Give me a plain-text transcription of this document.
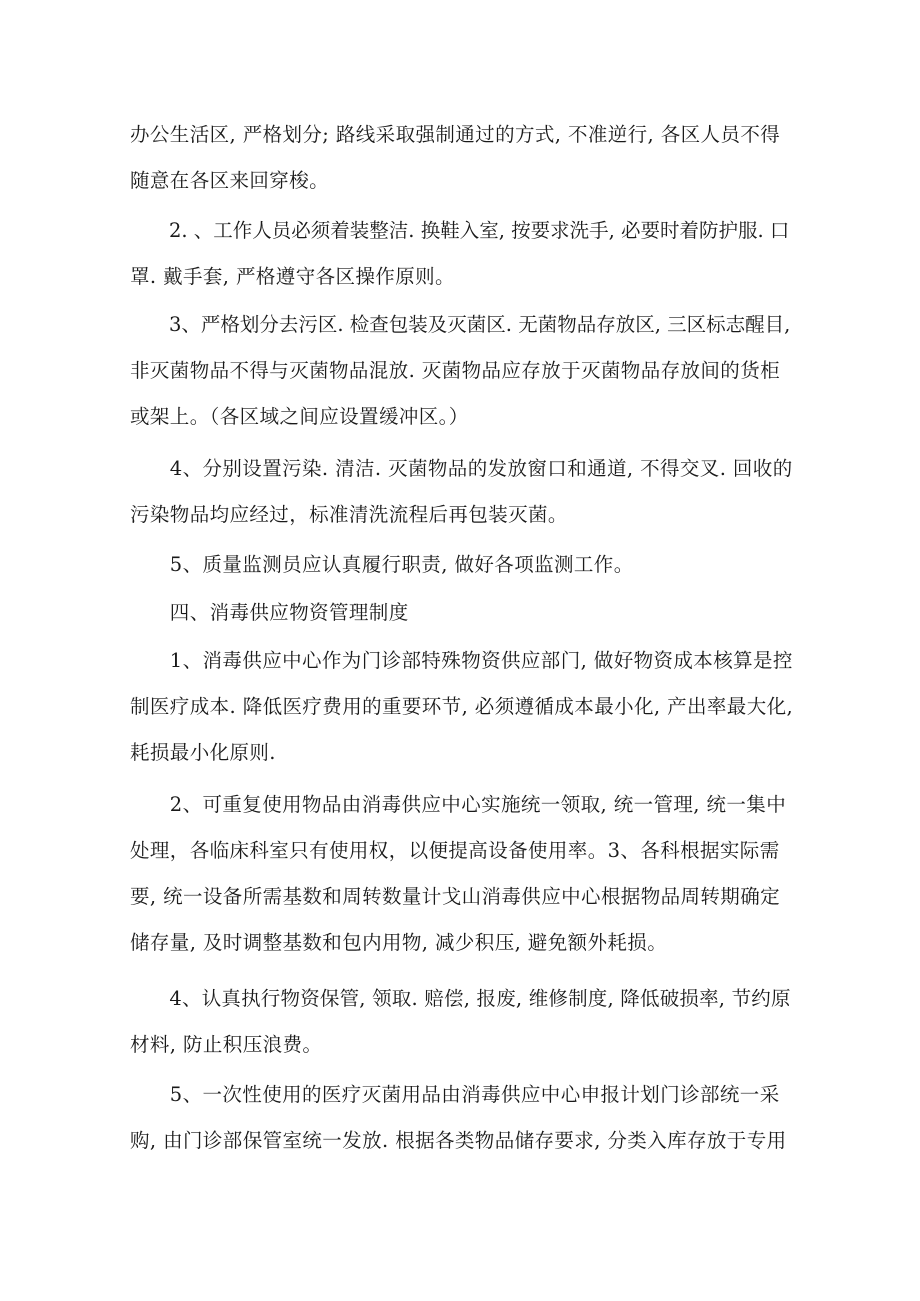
办公生活区, 严格划分; 路线采取强制通过的方式, 不准逆行, 各区人员不得
随意在各区来回穿梭。

　　2. 、工作人员必须着装整洁. 换鞋入室, 按要求洗手, 必要时着防护服. 口
罩. 戴手套, 严格遵守各区操作原则。

　　3、严格划分去污区. 检查包装及灭菌区. 无菌物品存放区, 三区标志醒目,
非灭菌物品不得与灭菌物品混放. 灭菌物品应存放于灭菌物品存放间的货柜
或架上。（各区域之间应设置缓冲区。）

　　4、分别设置污染. 清洁. 灭菌物品的发放窗口和通道, 不得交叉. 回收的
污染物品均应经过，标准清洗流程后再包装灭菌。

　　5、质量监测员应认真履行职责, 做好各项监测工作。

　　四、消毒供应物资管理制度

　　1、消毒供应中心作为门诊部特殊物资供应部门, 做好物资成本核算是控
制医疗成本. 降低医疗费用的重要环节, 必须遵循成本最小化, 产出率最大化,
耗损最小化原则.

　　2、可重复使用物品由消毒供应中心实施统一领取, 统一管理, 统一集中
处理，各临床科室只有使用权，以便提高设备使用率。3、各科根据实际需
要, 统一设备所需基数和周转数量计戈山消毒供应中心根据物品周转期确定
储存量, 及时调整基数和包内用物, 减少积压, 避免额外耗损。

　　4、认真执行物资保管, 领取. 赔偿, 报废, 维修制度, 降低破损率, 节约原
材料, 防止积压浪费。

　　5、一次性使用的医疗灭菌用品由消毒供应中心申报计划门诊部统一采
购, 由门诊部保管室统一发放. 根据各类物品储存要求, 分类入库存放于专用
